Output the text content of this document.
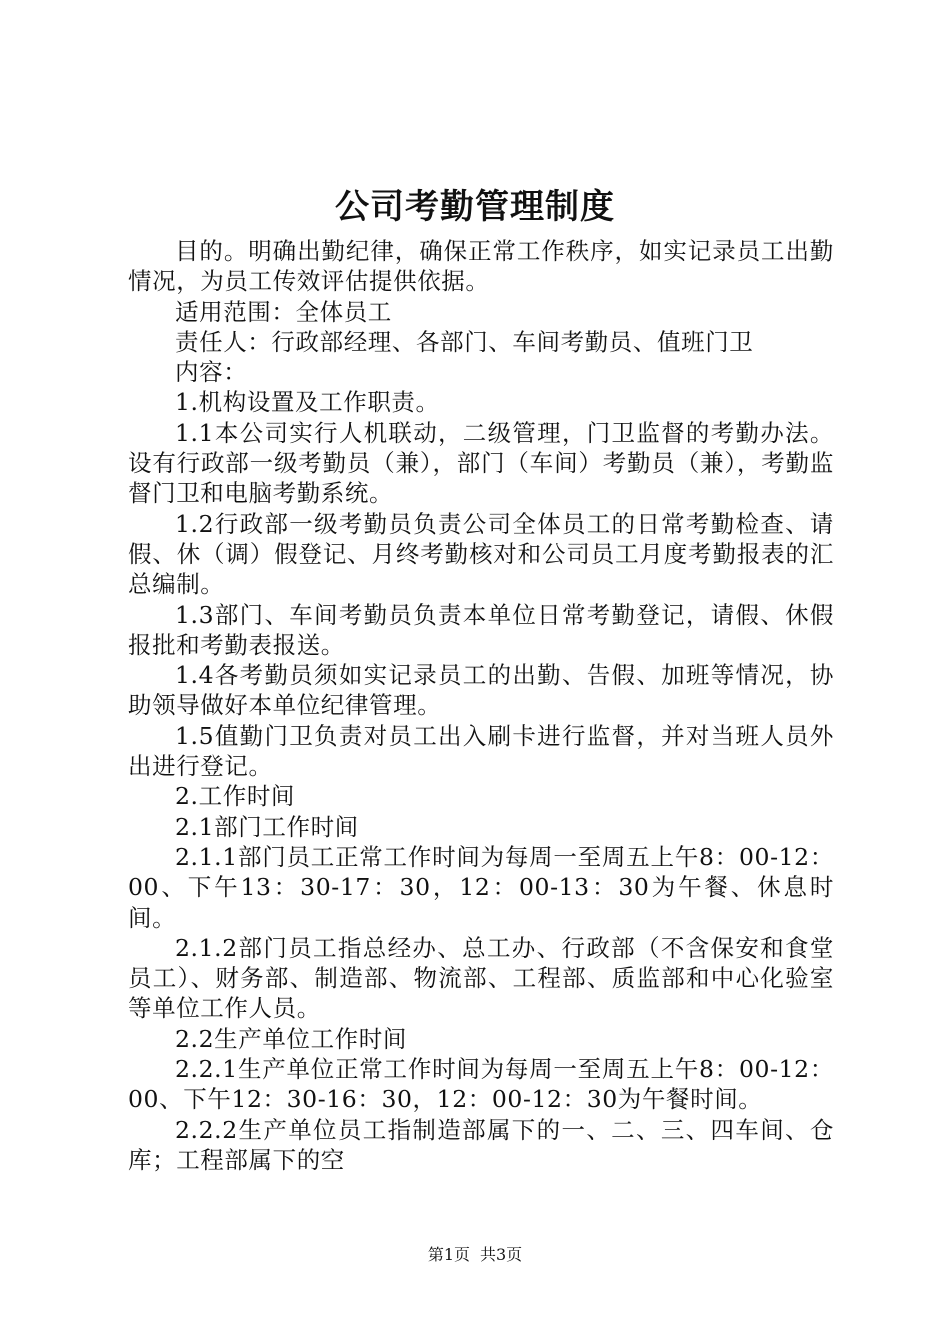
公司考勤管理制度

目的。明确出勤纪律，确保正常工作秩序，如实记录员工出勤情况，为员工传效评估提供依据。

适用范围：全体员工

责任人：行政部经理、各部门、车间考勤员、值班门卫

内容：

1.机构设置及工作职责。

1.1本公司实行人机联动，二级管理，门卫监督的考勤办法。设有行政部一级考勤员（兼），部门（车间）考勤员（兼），考勤监督门卫和电脑考勤系统。

1.2行政部一级考勤员负责公司全体员工的日常考勤检查、请假、休（调）假登记、月终考勤核对和公司员工月度考勤报表的汇总编制。

1.3部门、车间考勤员负责本单位日常考勤登记，请假、休假报批和考勤表报送。

1.4各考勤员须如实记录员工的出勤、告假、加班等情况，协助领导做好本单位纪律管理。

1.5值勤门卫负责对员工出入刷卡进行监督，并对当班人员外出进行登记。

2.工作时间

2.1部门工作时间

2.1.1部门员工正常工作时间为每周一至周五上午8：00-12：00、下午13：30-17：30，12：00-13：30为午餐、休息时间。

2.1.2部门员工指总经办、总工办、行政部（不含保安和食堂员工）、财务部、制造部、物流部、工程部、质监部和中心化验室等单位工作人员。

2.2生产单位工作时间

2.2.1生产单位正常工作时间为每周一至周五上午8：00-12：00、下午12：30-16：30，12：00-12：30为午餐时间。

2.2.2生产单位员工指制造部属下的一、二、三、四车间、仓库；工程部属下的空

第1页 共3页
